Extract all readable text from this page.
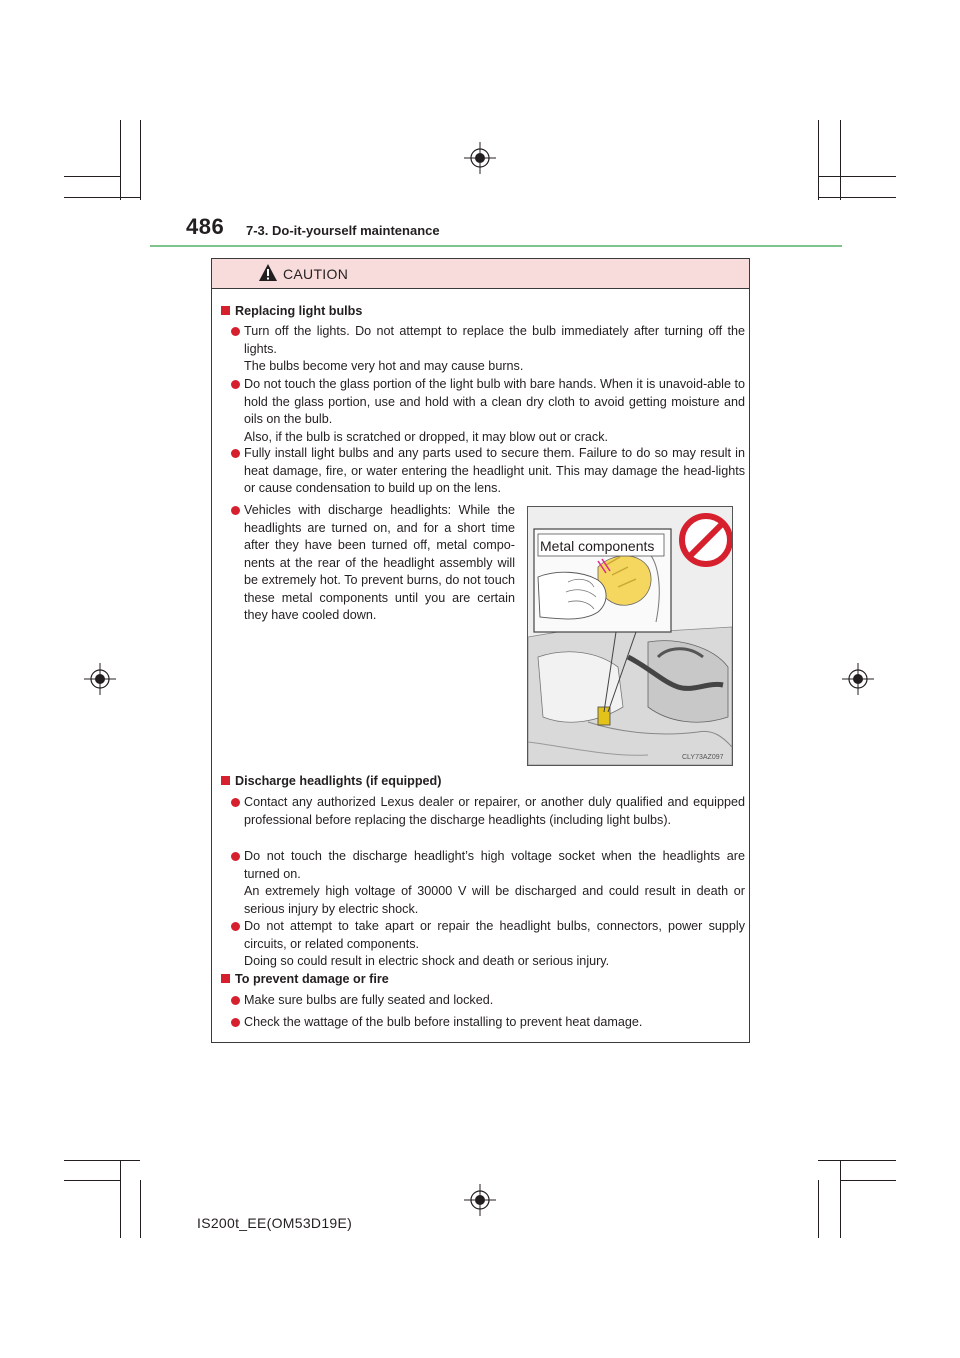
486 7-3. Do-it-yourself maintenance
CAUTION
Replacing light bulbs
Turn off the lights. Do not attempt to replace the bulb immediately after turning off the lights.
The bulbs become very hot and may cause burns.
Do not touch the glass portion of the light bulb with bare hands. When it is unavoid-able to hold the glass portion, use and hold with a clean dry cloth to avoid getting moisture and oils on the bulb.
Also, if the bulb is scratched or dropped, it may blow out or crack.
Fully install light bulbs and any parts used to secure them. Failure to do so may result in heat damage, fire, or water entering the headlight unit. This may damage the head-lights or cause condensation to build up on the lens.
Vehicles with discharge headlights: While the headlights are turned on, and for a short time after they have been turned off, metal compo-nents at the rear of the headlight assembly will be extremely hot. To prevent burns, do not touch these metal components until you are certain they have cooled down.
Discharge headlights (if equipped)
Contact any authorized Lexus dealer or repairer, or another duly qualified and equipped professional before replacing the discharge headlights (including light bulbs).
Do not touch the discharge headlight’s high voltage socket when the headlights are turned on.
An extremely high voltage of 30000 V will be discharged and could result in death or serious injury by electric shock.
Do not attempt to take apart or repair the headlight bulbs, connectors, power supply circuits, or related components.
Doing so could result in electric shock and death or serious injury.
To prevent damage or fire
Make sure bulbs are fully seated and locked.
Check the wattage of the bulb before installing to prevent heat damage.
Metal components
CLY73AZ097
IS200t_EE(OM53D19E)
